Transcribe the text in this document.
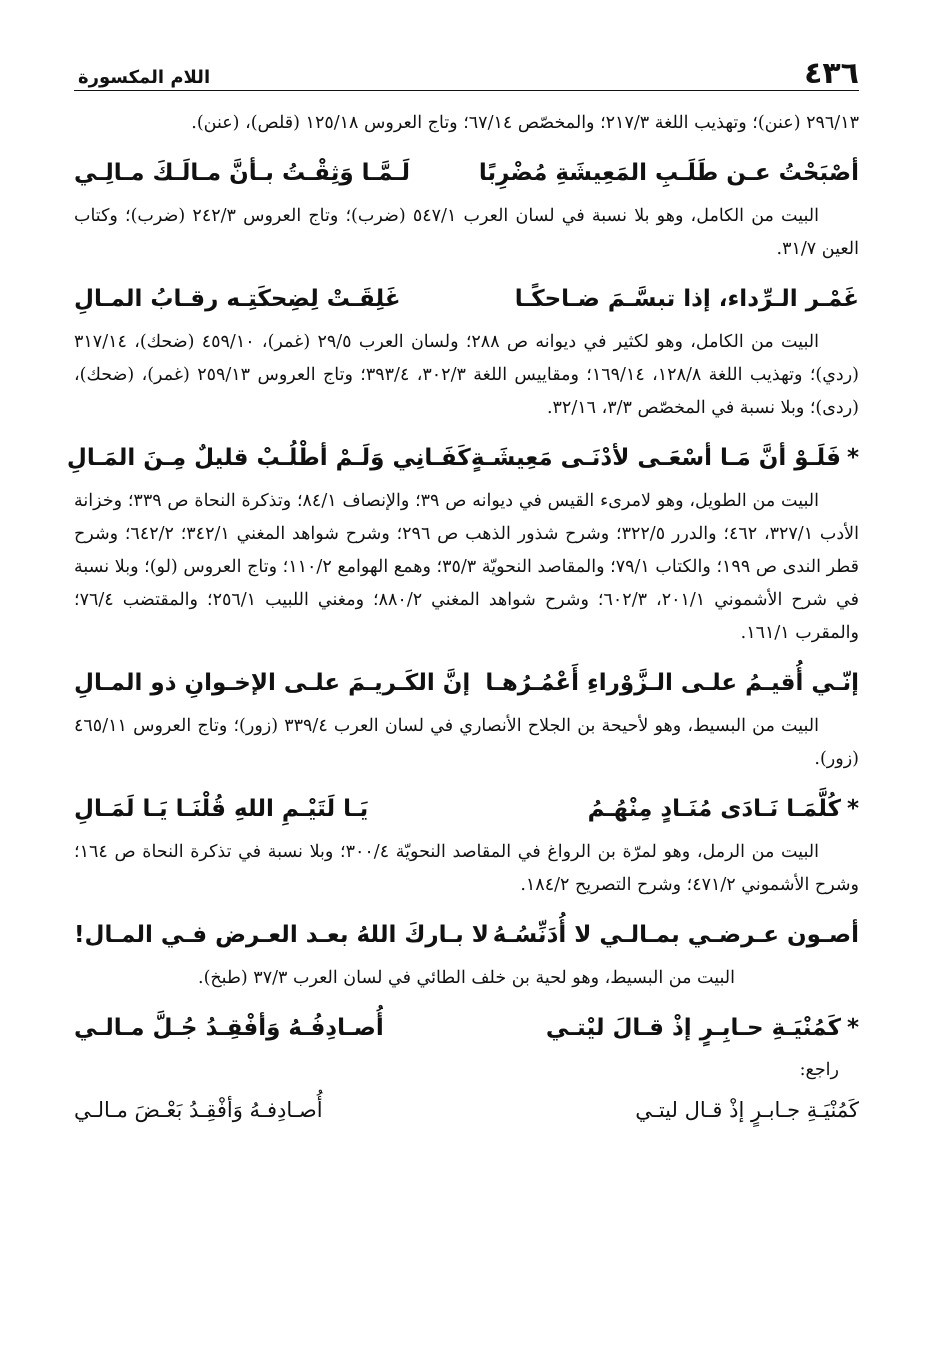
٤٣٦
اللام المكسورة

٢٩٦/١٣ (عنن)؛ وتهذيب اللغة ٢١٧/٣؛ والمخصّص ٦٧/١٤؛ وتاج العروس ١٢٥/١٨ (قلص)، (عنن).

أصْبَحْتُ عـن طَلَـبِ المَعِيشَةِ مُضْرِبًا
لَـمَّـا وَثِقْـتُ بـأنَّ مـالَـكَ مـالِـي

البيت من الكامل، وهو بلا نسبة في لسان العرب ٥٤٧/١ (ضرب)؛ وتاج العروس ٢٤٢/٣ (ضرب)؛ وكتاب العين ٣١/٧.

غَمْـر الـرِّداء، إذا تبسَّـمَ ضـاحكًـا
غَلِقَـتْ لِضِحكَتِـه رقـابُ المـالِ

البيت من الكامل، وهو لكثير في ديوانه ص ٢٨٨؛ ولسان العرب ٢٩/٥ (غمر)، ٤٥٩/١٠ (ضحك)، ٣١٧/١٤ (ردي)؛ وتهذيب اللغة ١٢٨/٨، ١٦٩/١٤؛ ومقاييس اللغة ٣٠٢/٣، ٣٩٣/٤؛ وتاج العروس ٢٥٩/١٣ (غمر)، (ضحك)، (ردى)؛ وبلا نسبة في المخصّص ٣/٣، ٣٢/١٦.

*فَلَـوْ أنَّ مَـا أسْعَـى لأدْنَـى مَعِيشَـةٍ
كَفَـانِي وَلَـمْ أطْلُـبْ قليلٌ مِـنَ المَـالِ

البيت من الطويل، وهو لامرىء القيس في ديوانه ص ٣٩؛ والإنصاف ٨٤/١؛ وتذكرة النحاة ص ٣٣٩؛ وخزانة الأدب ٣٢٧/١، ٤٦٢؛ والدرر ٣٢٢/٥؛ وشرح شذور الذهب ص ٢٩٦؛ وشرح شواهد المغني ٣٤٢/١؛ ٦٤٢/٢؛ وشرح قطر الندى ص ١٩٩؛ والكتاب ٧٩/١؛ والمقاصد النحويّة ٣٥/٣؛ وهمع الهوامع ١١٠/٢؛ وتاج العروس (لو)؛ وبلا نسبة في شرح الأشموني ٢٠١/١، ٦٠٢/٣؛ وشرح شواهد المغني ٨٨٠/٢؛ ومغني اللبيب ٢٥٦/١؛ والمقتضب ٧٦/٤؛ والمقرب ١٦١/١.

إنّـي أُقيـمُ علـى الـزَّوْراءِ أَعْمُـرُهـا
إنَّ الكَـريـمَ علـى الإخـوانِ ذو المـالِ

البيت من البسيط، وهو لأحيحة بن الجلاح الأنصاري في لسان العرب ٣٣٩/٤ (زور)؛ وتاج العروس ٤٦٥/١١ (زور).

*كُلَّمَـا نَـادَى مُنَـادٍ مِنْهُـمُ
يَـا لَتَيْـمِ اللهِ قُلْنَـا يَـا لَمَـالِ

البيت من الرمل، وهو لمرّة بن الرواغ في المقاصد النحويّة ٣٠٠/٤؛ وبلا نسبة في تذكرة النحاة ص ١٦٤؛ وشرح الأشموني ٤٧١/٢؛ وشرح التصريح ١٨٤/٢.

أصـون عـرضـي بمـالـي لا أُدَنِّسُـهُ
لا بـاركَ اللهُ بعـد العـرض فـي المـال!

البيت من البسيط، وهو لحية بن خلف الطائي في لسان العرب ٣٧/٣ (طبخ).

*كَمُنْيَـةِ حـابِـرٍ إذْ قـالَ ليْتـي
أُصـادِفُـهُ وَأفْقِـدُ جُـلَّ مـالـي

راجع:

كَمُنْيَـةِ جـابـرٍ إذْ قـال ليتـي
أُصـادِفـهُ وَأفْقِـدُ بَعْـضَ مـالـي
